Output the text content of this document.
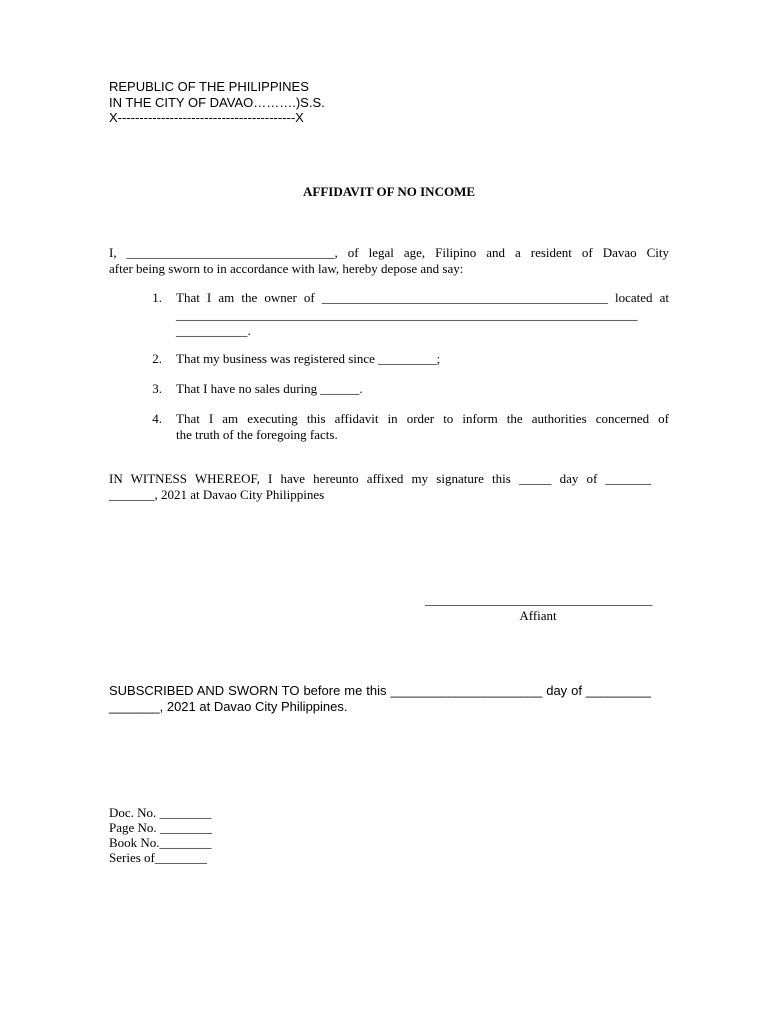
REPUBLIC OF THE PHILIPPINES
IN THE CITY OF DAVAO……….)S.S.
X-----------------------------------------X
AFFIDAVIT OF NO INCOME
I, ________________________________, of legal age, Filipino and a resident of Davao City
after being sworn to in accordance with law, hereby depose and say:
1. That I am the owner of ____________________________________________ located at
_______________________________________________________________________
___________.
2. That my business was registered since _________;
3. That I have no sales during ______.
4. That I am executing this affidavit in order to inform the authorities concerned of
the truth of the foregoing facts.
IN WITNESS WHEREOF, I have hereunto affixed my signature this _____ day of _______
_______, 2021 at Davao City Philippines
___________________________________
Affiant
SUBSCRIBED AND SWORN TO before me this _____________________ day of _________
_______, 2021 at Davao City Philippines.
Doc. No. ________
Page No. ________
Book No.________
Series of________
